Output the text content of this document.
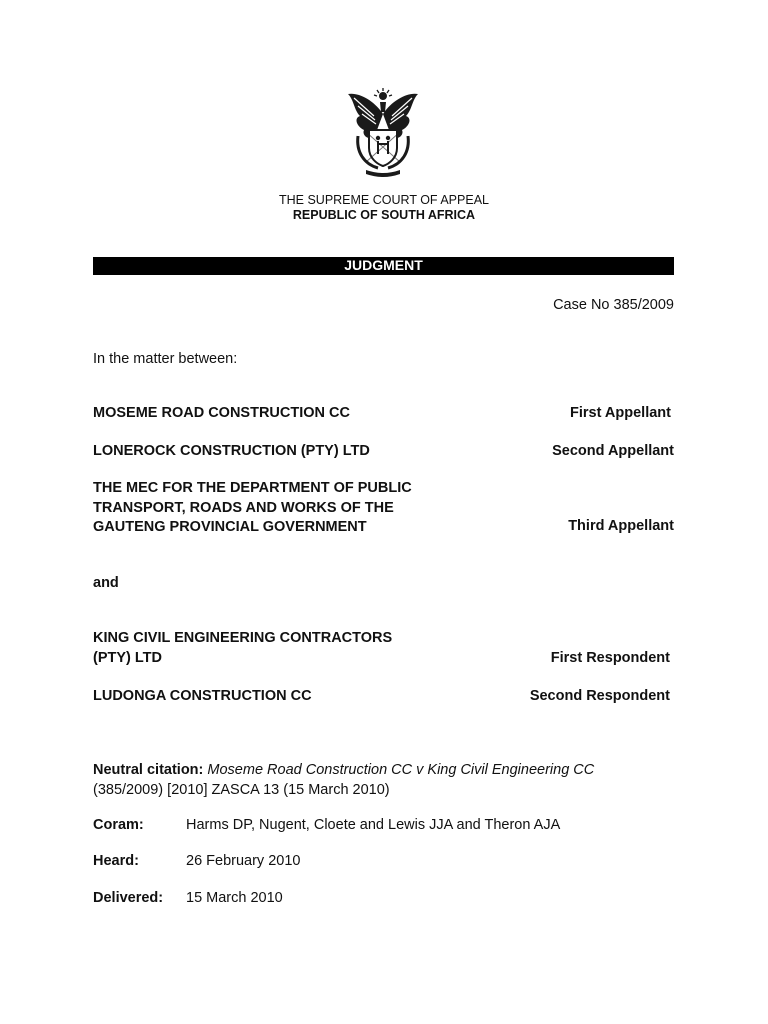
THE SUPREME COURT OF APPEAL
REPUBLIC OF SOUTH AFRICA
JUDGMENT
Case No 385/2009
In the matter between:
MOSEME ROAD CONSTRUCTION CC	First Appellant
LONEROCK CONSTRUCTION (PTY) LTD	Second Appellant
THE MEC FOR THE DEPARTMENT OF PUBLIC
TRANSPORT, ROADS AND WORKS OF THE
GAUTENG PROVINCIAL GOVERNMENT	Third Appellant
and
KING CIVIL ENGINEERING CONTRACTORS
(PTY) LTD	First Respondent
LUDONGA CONSTRUCTION CC	Second Respondent
Neutral citation: Moseme Road Construction CC v King Civil Engineering CC
(385/2009) [2010] ZASCA 13 (15 March 2010)
Coram:	Harms DP, Nugent, Cloete and Lewis JJA and Theron AJA
Heard:	26 February 2010
Delivered: 15 March 2010
